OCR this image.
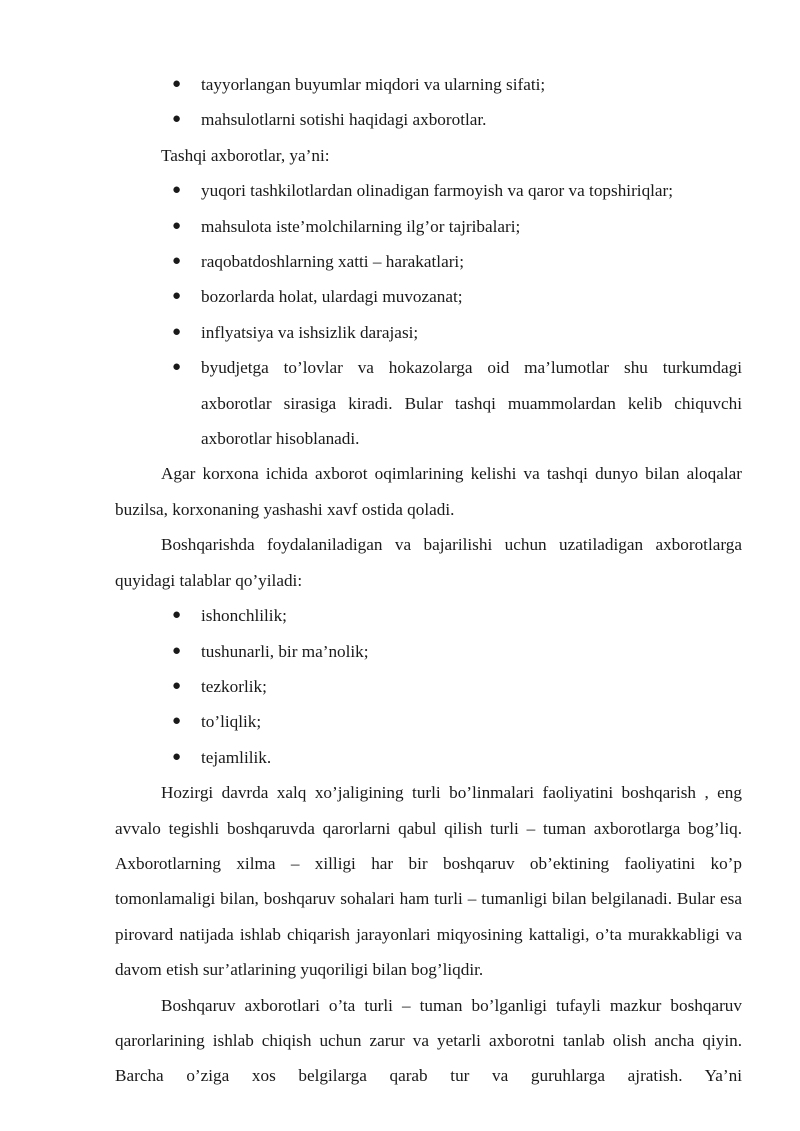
● tayyorlangan buyumlar miqdori va ularning sifati;
● mahsulotlarni sotishi haqidagi axborotlar.

Tashqi axborotlar, ya’ni:

● yuqori tashkilotlardan olinadigan farmoyish va qaror va topshiriqlar;
● mahsulota iste’molchilarning ilg’or tajribalari;
● raqobatdoshlarning xatti – harakatlari;
● bozorlarda holat, ulardagi muvozanat;
● inflyatsiya va ishsizlik darajasi;
● byudjetga to’lovlar va hokazolarga oid ma’lumotlar shu turkumdagi axborotlar sirasiga kiradi. Bular tashqi muammolardan kelib chiquvchi axborotlar hisoblanadi.

Agar korxona ichida axborot oqimlarining kelishi va tashqi dunyo bilan aloqalar buzilsa, korxonaning yashashi xavf ostida qoladi.

Boshqarishda foydalaniladigan va bajarilishi uchun uzatiladigan axborotlarga quyidagi talablar qo’yiladi:

● ishonchlilik;
● tushunarli, bir ma’nolik;
● tezkorlik;
● to’liqlik;
● tejamlilik.

Hozirgi davrda xalq xo’jaligining turli bo’linmalari faoliyatini boshqarish , eng avvalo tegishli boshqaruvda qarorlarni qabul qilish turli – tuman axborotlarga bog’liq. Axborotlarning xilma – xilligi har bir boshqaruv ob’ektining faoliyatini ko’p tomonlamaligi bilan, boshqaruv sohalari ham turli – tumanligi bilan belgilanadi. Bular esa pirovard natijada ishlab chiqarish jarayonlari miqyosining kattaligi, o’ta murakkabligi va davom etish sur’atlarining yuqoriligi bilan bog’liqdir.

Boshqaruv axborotlari o’ta turli – tuman bo’lganligi tufayli mazkur boshqaruv qarorlarining ishlab chiqish uchun zarur va yetarli axborotni tanlab olish ancha qiyin. Barcha o’ziga xos belgilarga qarab tur va guruhlarga ajratish. Ya’ni
